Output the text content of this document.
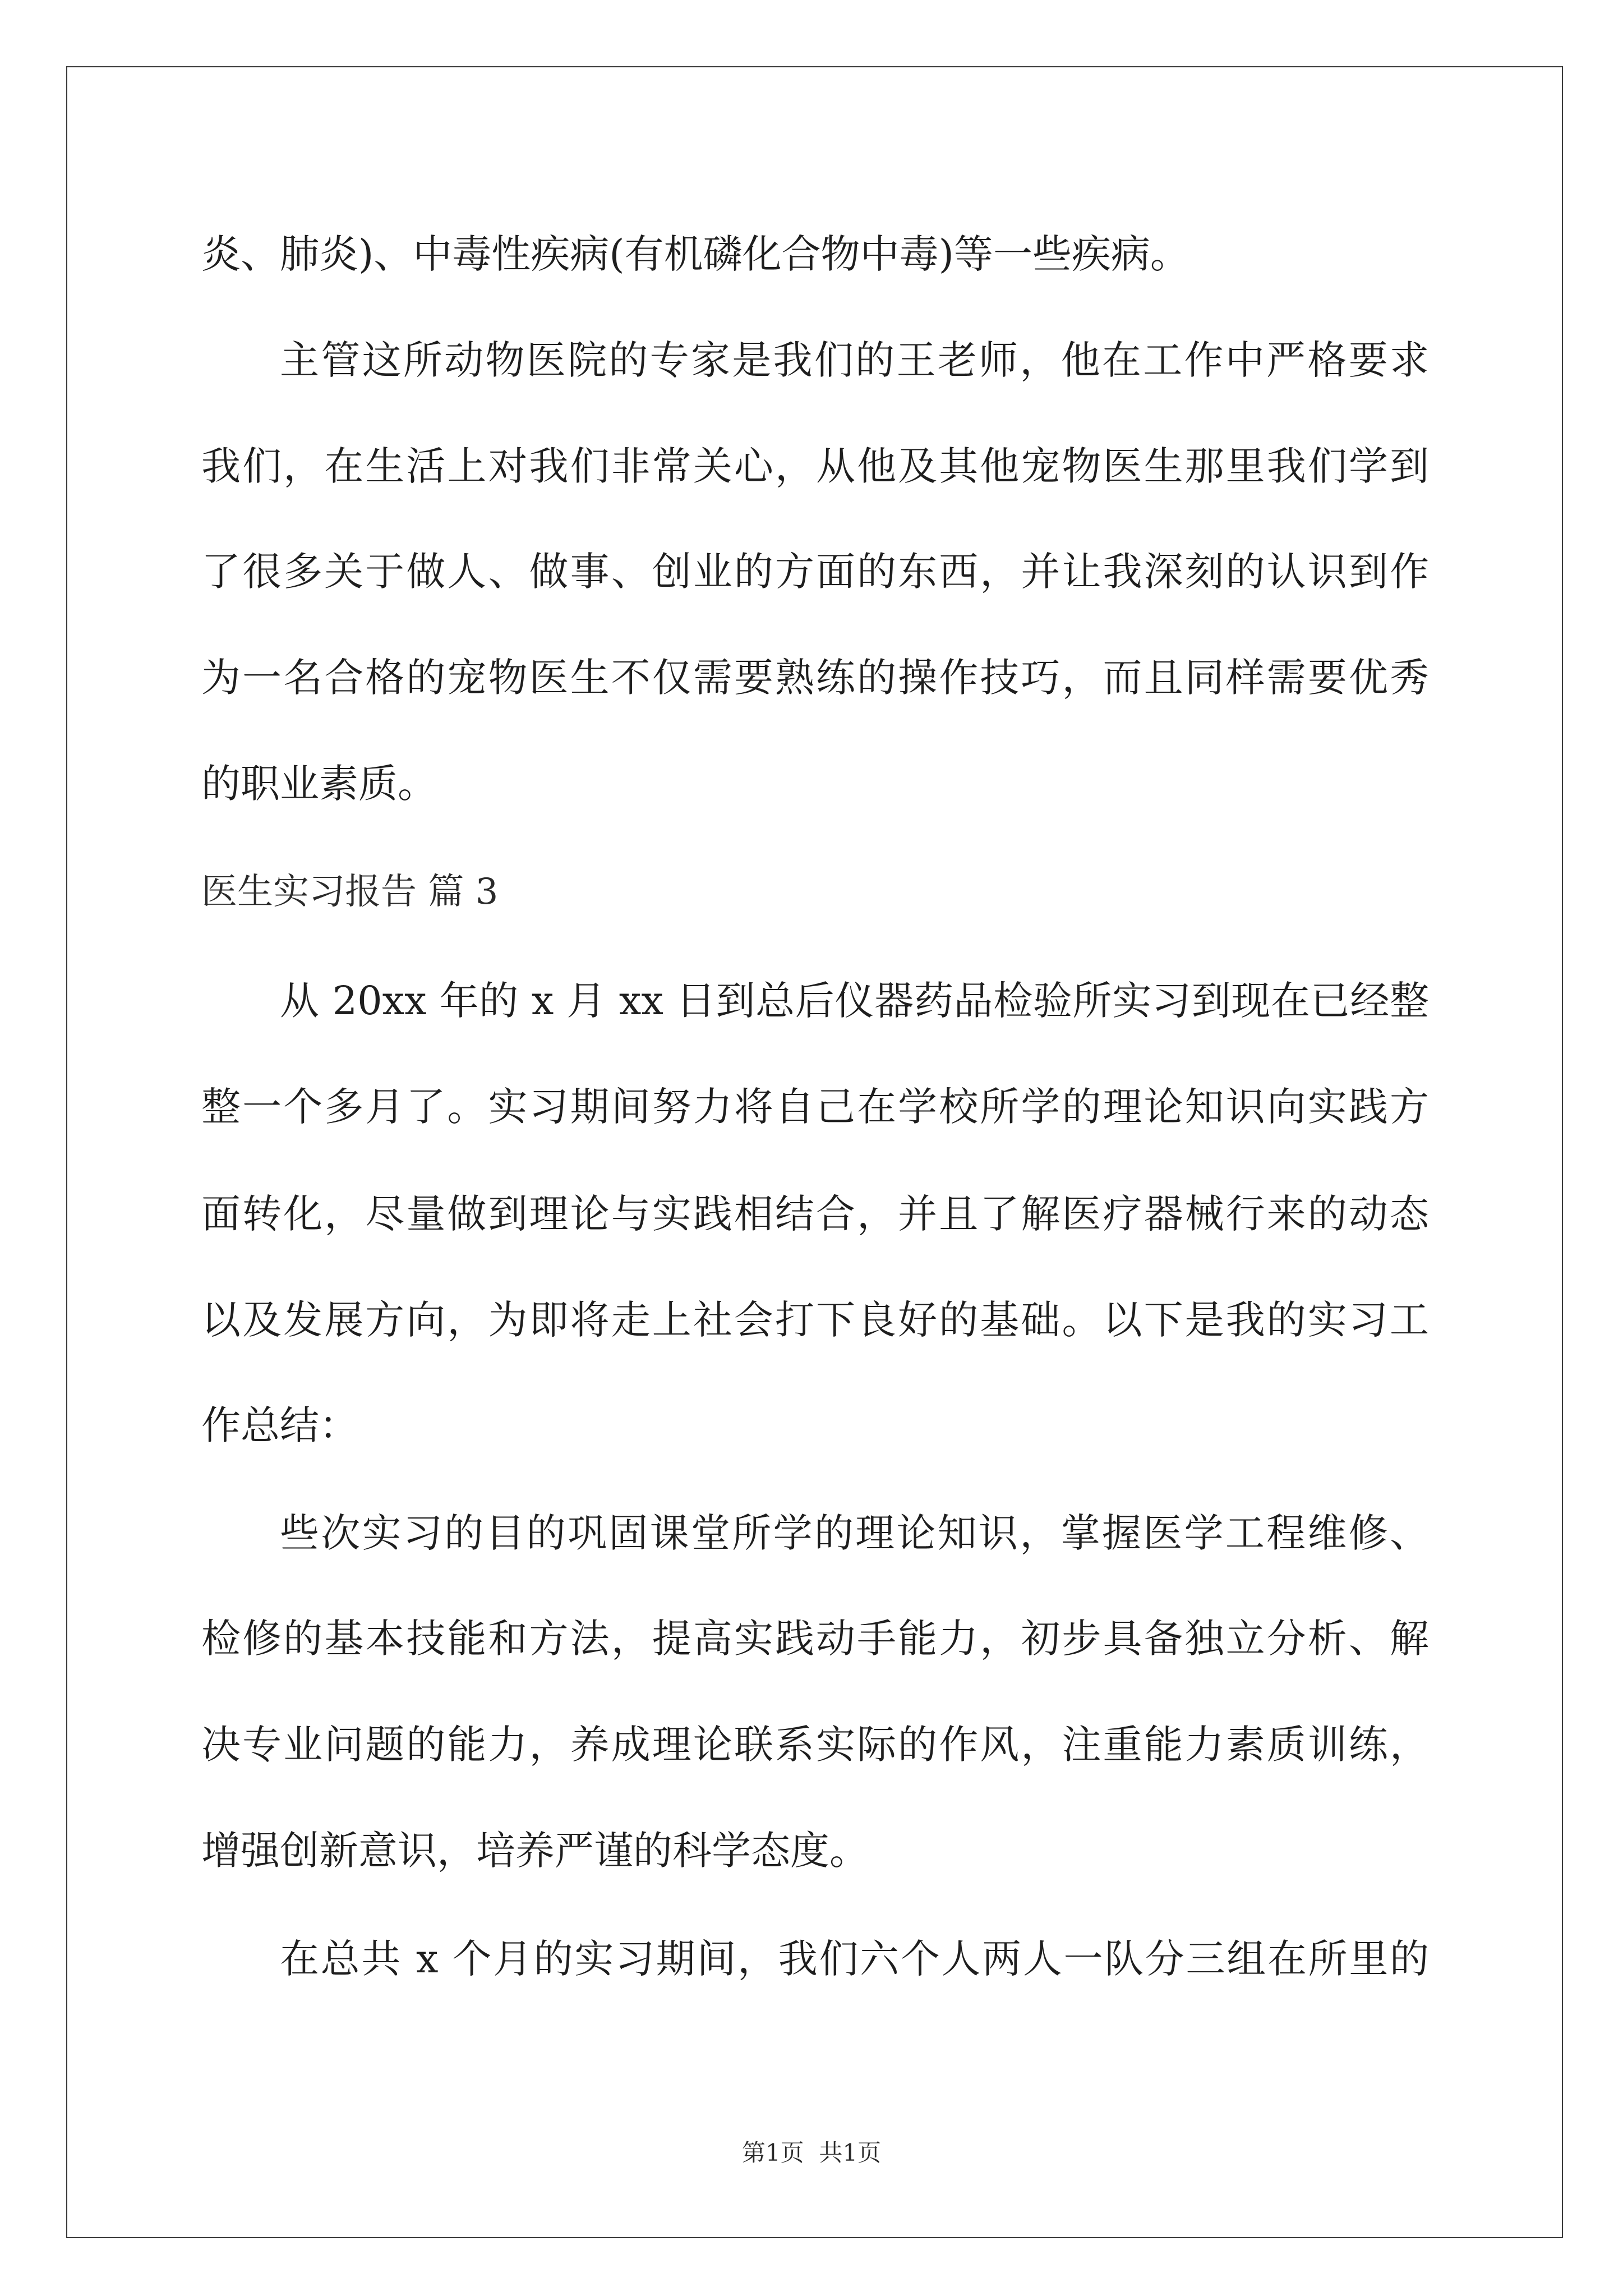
炎、肺炎)、中毒性疾病(有机磷化合物中毒)等一些疾病。
主管这所动物医院的专家是我们的王老师，他在工作中严格要求
我们，在生活上对我们非常关心，从他及其他宠物医生那里我们学到
了很多关于做人、做事、创业的方面的东西，并让我深刻的认识到作
为一名合格的宠物医生不仅需要熟练的操作技巧，而且同样需要优秀
的职业素质。
医生实习报告 篇 3
从 20xx 年的 x 月 xx 日到总后仪器药品检验所实习到现在已经整
整一个多月了。实习期间努力将自己在学校所学的理论知识向实践方
面转化，尽量做到理论与实践相结合，并且了解医疗器械行来的动态
以及发展方向，为即将走上社会打下良好的基础。以下是我的实习工
作总结：
些次实习的目的巩固课堂所学的理论知识，掌握医学工程维修、
检修的基本技能和方法，提高实践动手能力，初步具备独立分析、解
决专业问题的能力，养成理论联系实际的作风，注重能力素质训练，
增强创新意识，培养严谨的科学态度。
在总共 x 个月的实习期间，我们六个人两人一队分三组在所里的
第1页  共1页
